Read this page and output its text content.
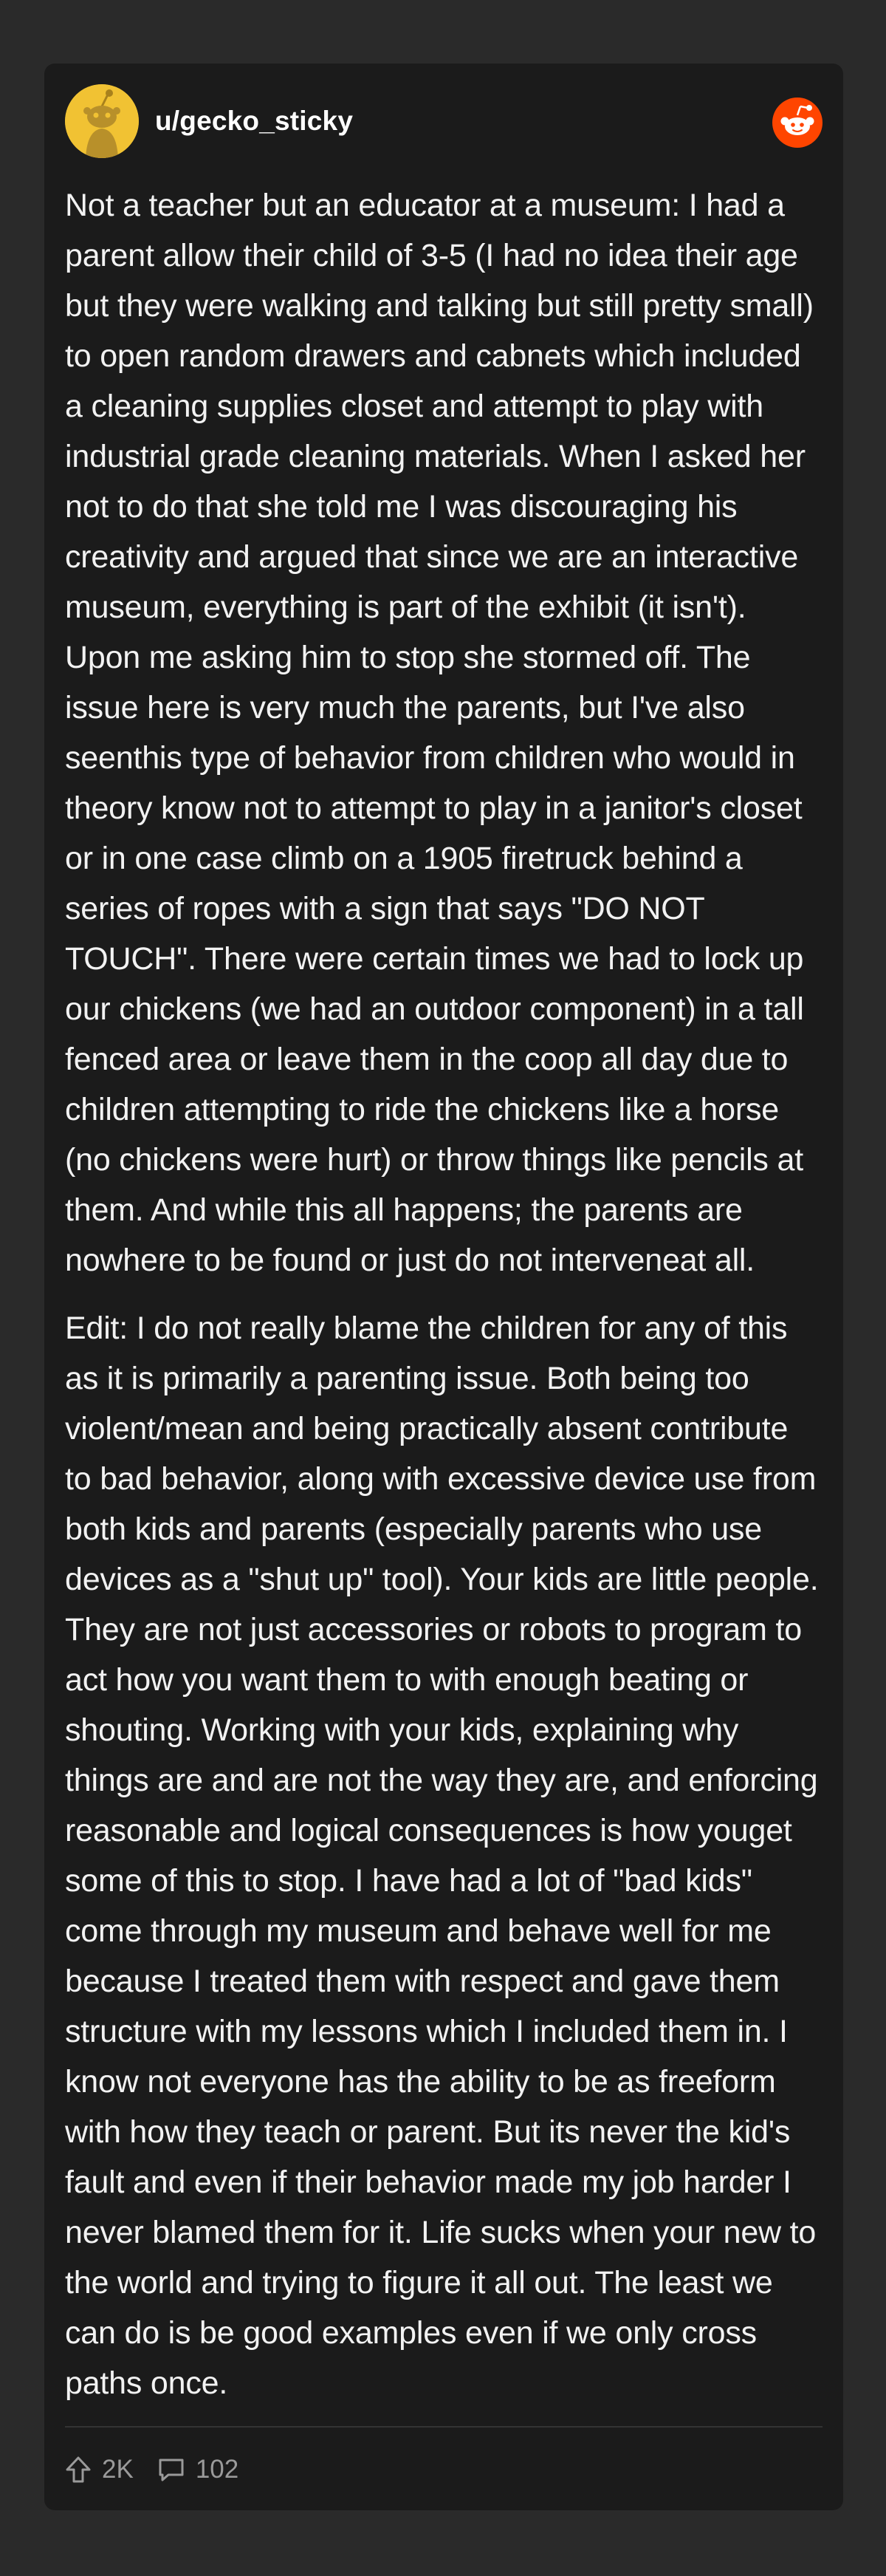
u/gecko_sticky

Not a teacher but an educator at a museum: I had a parent allow their child of 3-5 (I had no idea their age but they were walking and talking but still pretty small) to open random drawers and cabnets which included a cleaning supplies closet and attempt to play with industrial grade cleaning materials. When I asked her not to do that she told me I was discouraging his creativity and argued that since we are an interactive museum, everything is part of the exhibit (it isn't). Upon me asking him to stop she stormed off. The issue here is very much the parents, but I've also seenthis type of behavior from children who would in theory know not to attempt to play in a janitor's closet or in one case climb on a 1905 firetruck behind a series of ropes with a sign that says "DO NOT TOUCH". There were certain times we had to lock up our chickens (we had an outdoor component) in a tall fenced area or leave them in the coop all day due to children attempting to ride the chickens like a horse (no chickens were hurt) or throw things like pencils at them. And while this all happens; the parents are nowhere to be found or just do not interveneat all.

Edit: I do not really blame the children for any of this as it is primarily a parenting issue. Both being too violent/mean and being practically absent contribute to bad behavior, along with excessive device use from both kids and parents (especially parents who use devices as a "shut up" tool). Your kids are little people. They are not just accessories or robots to program to act how you want them to with enough beating or shouting. Working with your kids, explaining why things are and are not the way they are, and enforcing reasonable and logical consequences is how youget some of this to stop. I have had a lot of "bad kids" come through my museum and behave well for me because I treated them with respect and gave them structure with my lessons which I included them in. I know not everyone has the ability to be as freeform with how they teach or parent. But its never the kid's fault and even if their behavior made my job harder I never blamed them for it. Life sucks when your new to the world and trying to figure it all out. The least we can do is be good examples even if we only cross paths once.

2K 102
